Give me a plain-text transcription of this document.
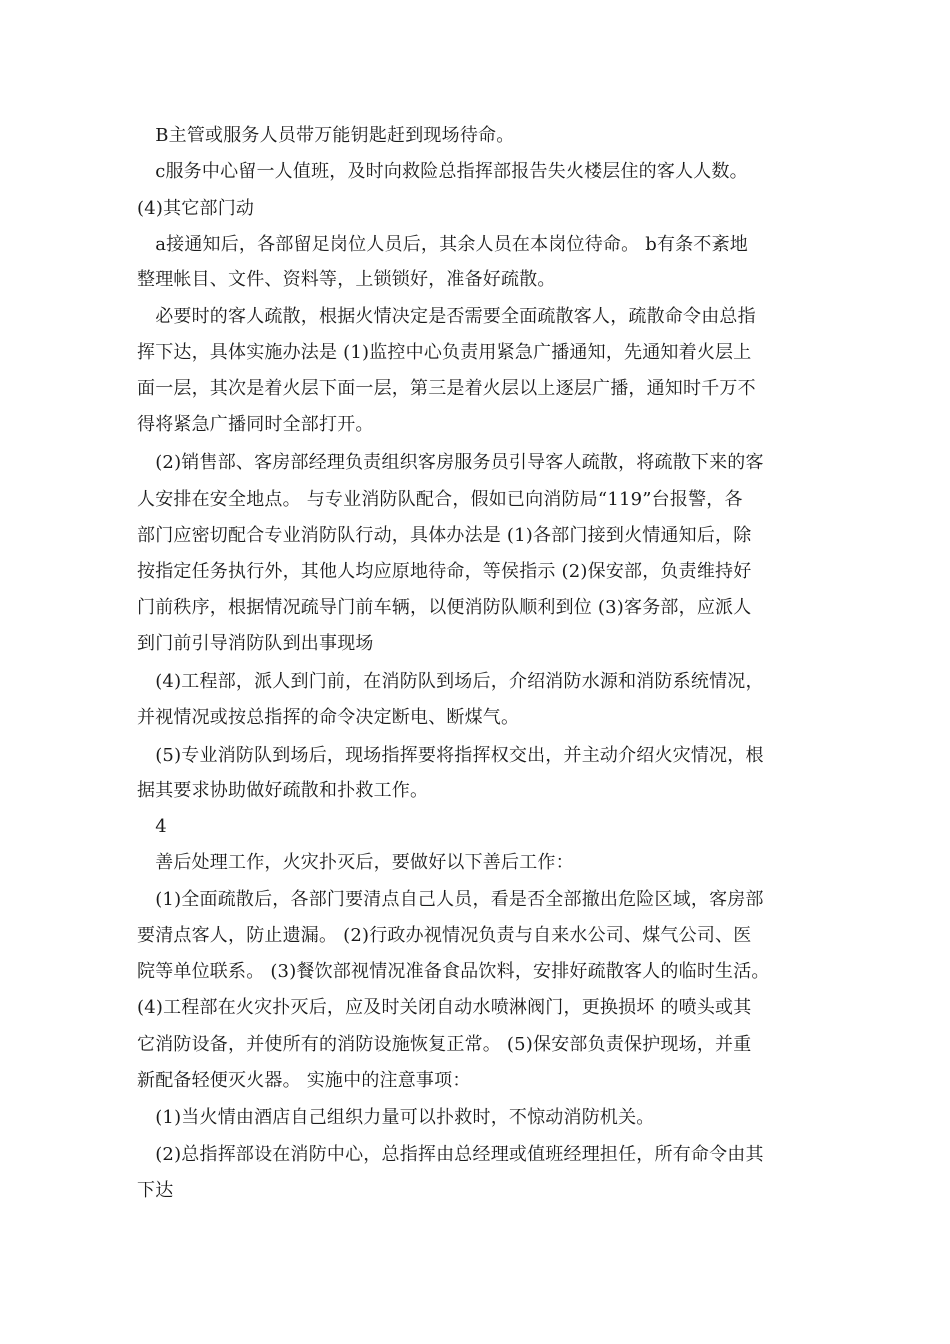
　B主管或服务人员带万能钥匙赶到现场待命。
　c服务中心留一人值班，及时向救险总指挥部报告失火楼层住的客人人数。
(4)其它部门动
　a接通知后，各部留足岗位人员后，其余人员在本岗位待命。 b有条不紊地
整理帐目、文件、资料等，上锁锁好，准备好疏散。
　必要时的客人疏散，根据火情决定是否需要全面疏散客人，疏散命令由总指
挥下达，具体实施办法是 (1)监控中心负责用紧急广播通知，先通知着火层上
面一层，其次是着火层下面一层，第三是着火层以上逐层广播，通知时千万不
得将紧急广播同时全部打开。
　(2)销售部、客房部经理负责组织客房服务员引导客人疏散，将疏散下来的客
人安排在安全地点。 与专业消防队配合，假如已向消防局“119”台报警，各
部门应密切配合专业消防队行动，具体办法是 (1)各部门接到火情通知后，除
按指定任务执行外，其他人均应原地待命，等侯指示 (2)保安部，负责维持好
门前秩序，根据情况疏导门前车辆，以便消防队顺利到位 (3)客务部，应派人
到门前引导消防队到出事现场
　(4)工程部，派人到门前，在消防队到场后，介绍消防水源和消防系统情况，
并视情况或按总指挥的命令决定断电、断煤气。
　(5)专业消防队到场后，现场指挥要将指挥权交出，并主动介绍火灾情况，根
据其要求协助做好疏散和扑救工作。
　4
　善后处理工作，火灾扑灭后，要做好以下善后工作：
　(1)全面疏散后，各部门要清点自己人员，看是否全部撤出危险区域，客房部
要清点客人，防止遗漏。 (2)行政办视情况负责与自来水公司、煤气公司、医
院等单位联系。 (3)餐饮部视情况准备食品饮料，安排好疏散客人的临时生活。
(4)工程部在火灾扑灭后，应及时关闭自动水喷淋阀门，更换损坏 的喷头或其
它消防设备，并使所有的消防设施恢复正常。 (5)保安部负责保护现场，并重
新配备轻便灭火器。 实施中的注意事项：
　(1)当火情由酒店自己组织力量可以扑救时，不惊动消防机关。
　(2)总指挥部设在消防中心，总指挥由总经理或值班经理担任，所有命令由其
下达
